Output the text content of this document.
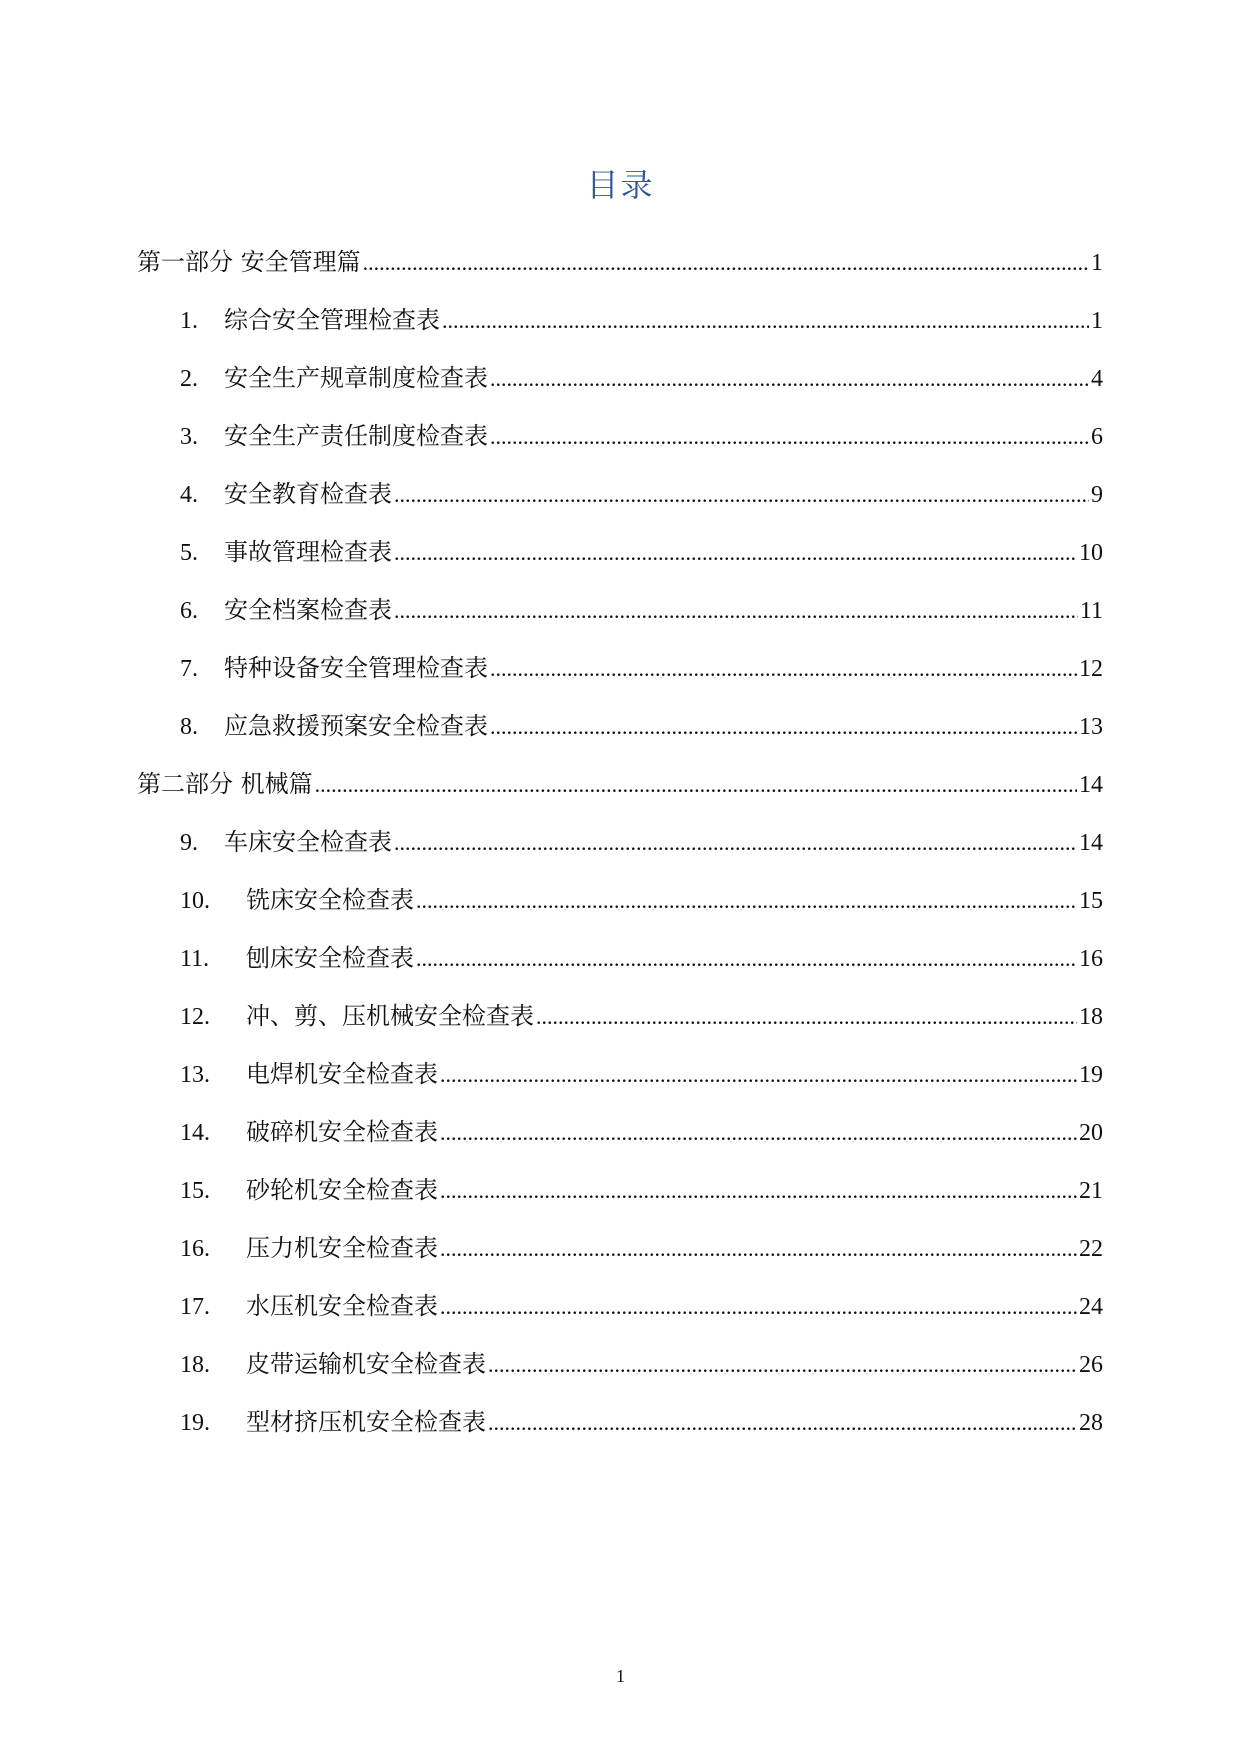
目录
第一部分 安全管理篇 .....	1
1.	综合安全管理检查表 .....	1
2.	安全生产规章制度检查表 .....	4
3.	安全生产责任制度检查表 .....	6
4.	安全教育检查表 .....	9
5.	事故管理检查表 .....	10
6.	安全档案检查表 .....	11
7.	特种设备安全管理检查表 .....	12
8.	应急救援预案安全检查表 .....	13
第二部分 机械篇 .....	14
9.	车床安全检查表 .....	14
10.	铣床安全检查表 .....	15
11.	刨床安全检查表 .....	16
12.	冲、剪、压机械安全检查表 .....	18
13.	电焊机安全检查表 .....	19
14.	破碎机安全检查表 .....	20
15.	砂轮机安全检查表 .....	21
16.	压力机安全检查表 .....	22
17.	水压机安全检查表 .....	24
18.	皮带运输机安全检查表 .....	26
19.	型材挤压机安全检查表 .....	28
1
